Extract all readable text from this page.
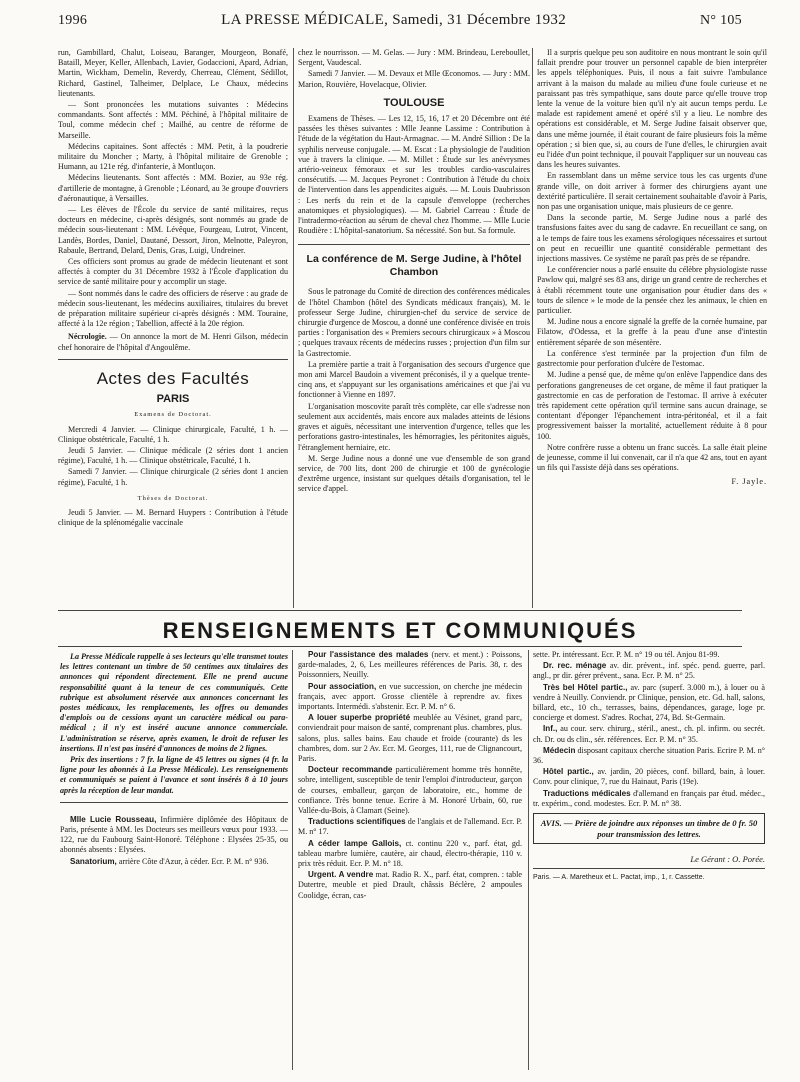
1996	LA PRESSE MÉDICALE, Samedi, 31 Décembre 1932	N° 105

run, Gambillard, Chalut, Loiseau, Baranger, Mourgeon, Bonafé, Bataill, Meyer, Keller, Allenbach, Lavier, Godaccioni, Apard, Adrian, Martin, Wickham, Demelin, Reverdy, Cherreau, Clément, Sédillot, Richard, Gastinel, Talheimer, Delplace, Le Chaux, médecins lieutenants.

— Sont prononcées les mutations suivantes : Médecins commandants. Sont affectés : MM. Péchiné, à l'hôpital militaire de Toul, comme médecin chef ; Mailhé, au centre de réforme de Marseille.

Médecins capitaines. Sont affectés : MM. Petit, à la poudrerie militaire du Moncher ; Marty, à l'hôpital militaire de Grenoble ; Humann, au 121e rég. d'infanterie, à Montluçon.

Médecins lieutenants. Sont affectés : MM. Bozier, au 93e rég. d'artillerie de montagne, à Grenoble ; Léonard, au 3e groupe d'ouvriers d'aéronautique, à Versailles.

— Les élèves de l'École du service de santé militaires, reçus docteurs en médecine, ci-après désignés, sont nommés au grade de médecin sous-lieutenant : MM. Lévêque, Fourgeau, Lutrot, Vincent, Landès, Bordes, Daniel, Dautané, Dessort, Jiron, Melnotte, Paleyron, Rabaule, Bertrand, Delard, Denis, Gras, Luigi, Undreiner.

Ces officiers sont promus au grade de médecin lieutenant et sont affectés à compter du 31 Décembre 1932 à l'École d'application du service de santé militaire pour y accomplir un stage.

— Sont nommés dans le cadre des officiers de réserve : au grade de médecin sous-lieutenant, les médecins auxiliaires, titulaires du brevet de préparation militaire supérieur ci-après désignés : MM. Touraine, affecté à la 12e région ; Tabellion, affecté à la 20e région.

Nécrologie. — On annonce la mort de M. Henri Gilson, médecin chef honoraire de l'hôpital d'Angoulême.

Actes des Facultés
PARIS
Examens de Doctorat.

Mercredi 4 Janvier. — Clinique chirurgicale, Faculté, 1 h. — Clinique obstétricale, Faculté, 1 h.

Jeudi 5 Janvier. — Clinique médicale (2 séries dont 1 ancien régime), Faculté, 1 h. — Clinique obstétricale, Faculté, 1 h.

Samedi 7 Janvier. — Clinique chirurgicale (2 séries dont 1 ancien régime), Faculté, 1 h.

Thèses de Doctorat.

Jeudi 5 Janvier. — M. Bernard Huypers : Contribution à l'étude clinique de la splénomégalie vaccinale

chez le nourrisson. — M. Gelas. — Jury : MM. Brindeau, Lereboullet, Sergent, Vaudescal.

Samedi 7 Janvier. — M. Devaux et Mlle Œconomos. — Jury : MM. Marion, Rouvière, Hovelacque, Olivier.

TOULOUSE

Examens de Thèses. — Les 12, 15, 16, 17 et 20 Décembre ont été passées les thèses suivantes : Mlle Jeanne Lassime : Contribution à l'étude de la végétation du Haut-Armagnac. — M. André Sillion : De la syphilis nerveuse conjugale. — M. Escat : La physiologie de l'audition vue à travers la clinique. — M. Millet : Étude sur les anévrysmes artério-veineux fémoraux et sur les troubles cardio-vasculaires consécutifs. — M. Jacques Peyronet : Contribution à l'étude du choix de l'intervention dans les appendicites aiguës. — M. Louis Daubrisson : Les nerfs du rein et de la capsule d'enveloppe (recherches anatomiques et physiologiques). — M. Gabriel Carreau : Étude de l'intradermo-réaction au sérum de cheval chez l'homme. — Mlle Lucie Roudière : L'hôpital-sanatorium. Sa nécessité. Son but. Sa formule.

La conférence de M. Serge Judine, à l'hôtel Chambon

Sous le patronage du Comité de direction des conférences médicales de l'hôtel Chambon (hôtel des Syndicats médicaux français), M. le professeur Serge Judine, chirurgien-chef du service de service de chirurgie d'urgence de Moscou, a donné une conférence divisée en trois parties : l'organisation des « Premiers secours chirurgicaux » à Moscou ; quelques travaux récents de médecins russes ; projection d'un film sur la Gastrectomie.

La première partie a trait à l'organisation des secours d'urgence que mon ami Marcel Baudoin a vivement préconisés, il y a quelque trente-cinq ans, et s'appuyant sur les organisations américaines et que j'ai vu fonctionner à Vienne en 1897.

L'organisation moscovite paraît très complète, car elle s'adresse non seulement aux accidentés, mais encore aux malades atteints de lésions graves et aiguës, nécessitant une intervention d'urgence, telles que les perforations gastro-intestinales, les hémorragies, les péritonites aiguës, l'étranglement herniaire, etc.

M. Serge Judine nous a donné une vue d'ensemble de son grand service, de 700 lits, dont 200 de chirurgie et 100 de gynécologie d'extrême urgence, insistant sur quelques détails d'organisation, tel le service d'appel.

Il a surpris quelque peu son auditoire en nous montrant le soin qu'il fallait prendre pour trouver un personnel capable de bien interpréter les appels téléphoniques. Puis, il nous a fait suivre l'ambulance arrivant à la maison du malade au milieu d'une foule curieuse et ne paraissant pas très sympathique, sans doute parce qu'elle trouve trop lente la venue de la voiture bien qu'il n'y ait aucun temps perdu. Le malade est rapidement amené et opéré s'il y a lieu. Le nombre des opérations est considérable, et M. Serge Judine faisait observer que, dans une même journée, il était courant de faire plusieurs fois la même opération ; si bien que, si, au cours de l'une d'elles, le chirurgien avait eu l'idée d'un point technique, il pouvait l'appliquer sur un nouveau cas dans les heures suivantes.

En rassemblant dans un même service tous les cas urgents d'une grande ville, on doit arriver à former des chirurgiens ayant une dextérité particulière. Il serait certainement souhaitable d'avoir à Paris, non pas une organisation unique, mais plusieurs de ce genre.

Dans la seconde partie, M. Serge Judine nous a parlé des transfusions faites avec du sang de cadavre. En recueillant ce sang, on a le temps de faire tous les examens sérologiques nécessaires et surtout on peut en recueillir une quantité considérable permettant des injections massives. Ce système ne paraît pas près de se répandre.

Le conférencier nous a parlé ensuite du célèbre physiologiste russe Pawlow qui, malgré ses 83 ans, dirige un grand centre de recherches et à établi récemment toute une organisation pour étudier dans des « tours de silence » le mode de la pensée chez les animaux, le chien en particulier.

M. Judine nous a encore signalé la greffe de la cornée humaine, par Filatow, d'Odessa, et la greffe à la peau d'une anse d'intestin entièrement séparée de son mésentère.

La conférence s'est terminée par la projection d'un film de gastrectomie pour perforation d'ulcère de l'estomac.

M. Judine a pensé que, de même qu'on enlève l'appendice dans des perforations gangreneuses de cet organe, de même il faut pratiquer la gastrectomie en cas de perforation de l'estomac. Il arrive à exécuter très rapidement cette opération qu'il termine sans aucun drainage, se contentant d'éponger l'épanchement intra-péritonéal, et il a fait progressivement baisser la mortalité, actuellement réduite à 8 pour 100.

Notre confrère russe a obtenu un franc succès. La salle était pleine de jeunesse, comme il lui convenait, car il n'a que 42 ans, tout en ayant un fils qui l'assiste déjà dans ses opérations.

F. Jayle.
RENSEIGNEMENTS ET COMMUNIQUÉS

La Presse Médicale rappelle à ses lecteurs qu'elle transmet toutes les lettres contenant un timbre de 50 centimes aux titulaires des annonces qui répondent directement. Elle ne prend aucune responsabilité quant à la teneur de ces communiqués. Cette rubrique est absolument réservée aux annonces concernant les postes médicaux, les remplacements, les offres ou demandes d'emplois ou de cessions ayant un caractère médical ou para-médical ; il n'y est inséré aucune annonce commerciale. L'administration se réserve, après examen, le droit de refuser les insertions. Il n'est pas inséré d'annonces de moins de 2 lignes.

Prix des insertions : 7 fr. la ligne de 45 lettres ou signes (4 fr. la ligne pour les abonnés à La Presse Médicale). Les renseignements et communiqués se paient à l'avance et sont insérés 8 à 10 jours après la réception de leur mandat.

Mlle Lucie Rousseau, Infirmière diplômée des Hôpitaux de Paris, présente à MM. les Docteurs ses meilleurs vœux pour 1933. — 122, rue du Faubourg Saint-Honoré. Téléphone : Elysées 25-35, ou abonnés absents : Elysées.

Sanatorium, arrière Côte d'Azur, à céder. Ecr. P. M. n° 936.

Pour l'assistance des malades (nerv. et ment.) : Poissons, garde-malades, 2, 6, Les meilleures références de Paris. 38, r. des Poissonniers, Neuilly.

Pour association, en vue succession, on cherche jne médecin français, avec apport. Grosse clientèle à reprendre av. fixes importants. Intermédi. s'abstenir. Ecr. P. M. n° 6.

A louer superbe propriété meublée au Vésinet, grand parc, conviendrait pour maison de santé, comprenant plus. chambres, plus. salons, plus. salles bains. Eau chaude et froide (courante) ds les chambres, dom. sur 2 Av. Ecr. M. Georges, 111, rue de Clignancourt, Paris.

Docteur recommande particulièrement homme très honnête, sobre, intelligent, susceptible de tenir l'emploi d'introducteur, garçon de courses, emballeur, garçon de laboratoire, etc., homme de confiance. Très bonne tenue. Ecrire à M. Honoré Urbain, 60, rue Vallée-du-Bois, à Clamart (Seine).

Traductions scientifiques de l'anglais et de l'allemand. Ecr. P. M. n° 17.

A céder lampe Gallois, ct. continu 220 v., parf. état, gd. tableau marbre lumière, cautère, air chaud, électro-thérapie, 110 v. prix très réduit. Ecr. P. M. n° 18.

Urgent. A vendre mat. Radio R. X., parf. état, compren. : table Dutertre, meuble et pied Drault, châssis Béclère, 2 ampoules Coolidge, écran, cas-

sette. Pr. intéressant. Ecr. P. M. n° 19 ou tél. Anjou 81-99.

Dr. rec. ménage av. dir. prévent., inf. spéc. pend. guerre, parl. angl., pr dir. gérer prévent., sana. Ecr. P. M. n° 25.

Très bel Hôtel partic., av. parc (superf. 3.000 m.), à louer ou à vendre à Neuilly. Conviendr. pr Clinique, pension, etc. Gd. hall, salons, billard, etc., 10 ch., terrasses, bains, dépendances, garage, loge pr. concierge et domest. S'adres. Rochat, 274, Bd. St-Germain.

Inf., au cour. serv. chirurg., stéril., anest., ch. pl. infirm. ou secrét. ch. Dr. ou ds clin., sér. références. Ecr. P. M. n° 35.

Médecin disposant capitaux cherche situation Paris. Ecrire P. M. n° 36.

Hôtel partic., av. jardin, 20 pièces, conf. billard, bain, à louer. Conv. pour clinique, 7, rue du Hainaut, Paris (19e).

Traductions médicales d'allemand en français par étud. médec., tr. expérim., cond. modestes. Ecr. P. M. n° 38.

AVIS. — Prière de joindre aux réponses un timbre de 0 fr. 50 pour transmission des lettres.
Le Gérant : O. Porée.
Paris. — A. Maretheux et L. Pactat, imp., 1, r. Cassette.
